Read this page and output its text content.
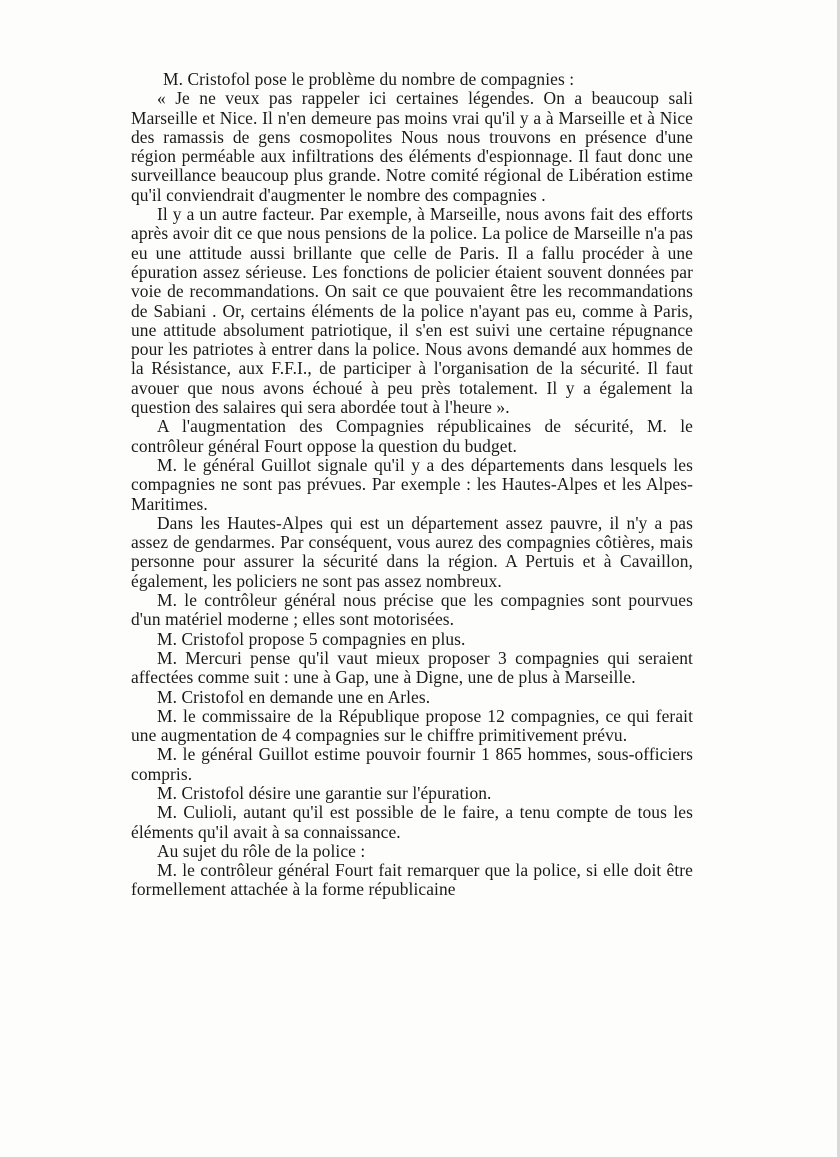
M. Cristofol pose le problème du nombre de compagnies :

« Je ne veux pas rappeler ici certaines légendes. On a beaucoup sali Marseille et Nice. Il n'en demeure pas moins vrai qu'il y a à Marseille et à Nice des ramassis de gens cosmopolites Nous nous trouvons en présence d'une région perméable aux infiltrations des éléments d'espionnage. Il faut donc une surveillance beaucoup plus grande. Notre comité régional de Libération estime qu'il conviendrait d'augmenter le nombre des compagnies .

Il y a un autre facteur. Par exemple, à Marseille, nous avons fait des efforts après avoir dit ce que nous pensions de la police. La police de Marseille n'a pas eu une attitude aussi brillante que celle de Paris. Il a fallu procéder à une épuration assez sérieuse. Les fonctions de policier étaient souvent données par voie de recommandations. On sait ce que pouvaient être les recommandations de Sabiani . Or, certains éléments de la police n'ayant pas eu, comme à Paris, une attitude absolument patriotique, il s'en est suivi une certaine répugnance pour les patriotes à entrer dans la police. Nous avons demandé aux hommes de la Résistance, aux F.F.I., de participer à l'organisation de la sécurité. Il faut avouer que nous avons échoué à peu près totalement. Il y a également la question des salaires qui sera abordée tout à l'heure ».

A l'augmentation des Compagnies républicaines de sécurité, M. le contrôleur général Fourt oppose la question du budget.

M. le général Guillot signale qu'il y a des départements dans lesquels les compagnies ne sont pas prévues. Par exemple : les Hautes-Alpes et les Alpes-Maritimes.

Dans les Hautes-Alpes qui est un département assez pauvre, il n'y a pas assez de gendarmes. Par conséquent, vous aurez des compagnies côtières, mais personne pour assurer la sécurité dans la région. A Pertuis et à Cavaillon, également, les policiers ne sont pas assez nombreux.

M. le contrôleur général nous précise que les compagnies sont pourvues d'un matériel moderne ; elles sont motorisées.

M. Cristofol propose 5 compagnies en plus.

M. Mercuri pense qu'il vaut mieux proposer 3 compagnies qui seraient affectées comme suit : une à Gap, une à Digne, une de plus à Marseille.

M. Cristofol en demande une en Arles.

M. le commissaire de la République propose 12 compagnies, ce qui ferait une augmentation de 4 compagnies sur le chiffre primitivement prévu.

M. le général Guillot estime pouvoir fournir 1 865 hommes, sous-officiers compris.

M. Cristofol désire une garantie sur l'épuration.

M. Culioli, autant qu'il est possible de le faire, a tenu compte de tous les éléments qu'il avait à sa connaissance.

Au sujet du rôle de la police :

M. le contrôleur général Fourt fait remarquer que la police, si elle doit être formellement attachée à la forme républicaine
